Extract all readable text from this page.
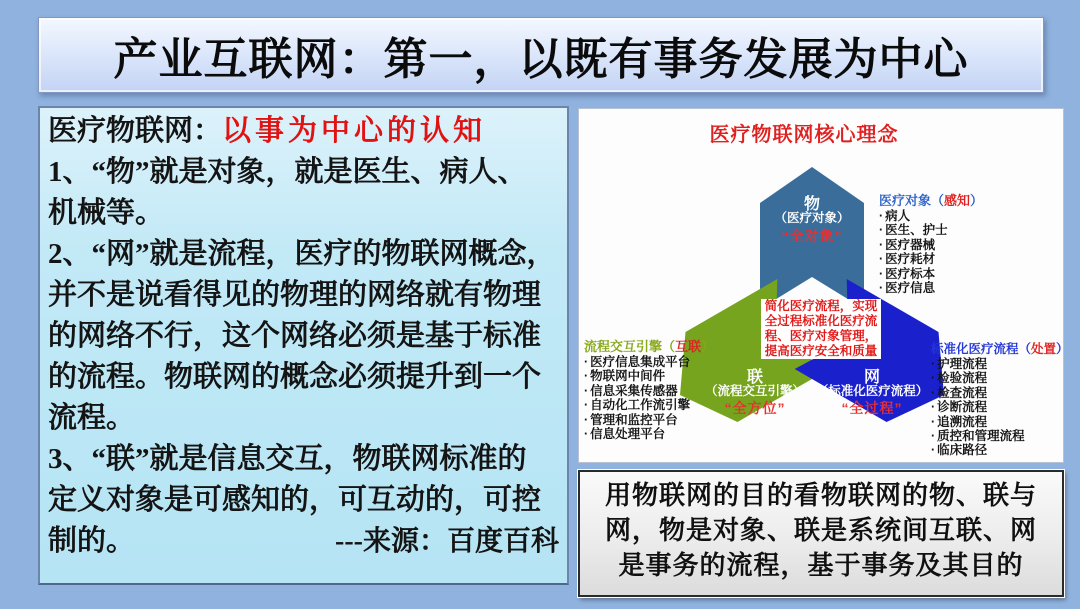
产业互联网：第一，以既有事务发展为中心
医疗物联网：以事为中心的认知
1、“物”就是对象，就是医生、病人、
机械等。
2、“网”就是流程，医疗的物联网概念，
并不是说看得见的物理的网络就有物理
的网络不行，这个网络必须是基于标准
的流程。物联网的概念必须提升到一个
流程。
3、“联”就是信息交互，物联网标准的
定义对象是可感知的，可互动的，可控
制的。	---来源：百度百科
医疗物联网核心理念
物
（医疗对象）
“全对象”
联
（流程交互引擎）
“全方位”
网
（标准化医疗流程）
“全过程”
简化医疗流程，实现
全过程标准化医疗流
程、医疗对象管理，
提高医疗安全和质量
医疗对象（感知）
· 病人
· 医生、护士
· 医疗器械
· 医疗耗材
· 医疗标本
· 医疗信息
流程交互引擎（互联）
· 医疗信息集成平台
· 物联网中间件
· 信息采集传感器
· 自动化工作流引擎
· 管理和监控平台
· 信息处理平台
标准化医疗流程（处置）
· 护理流程
· 检验流程
· 检查流程
· 诊断流程
· 追溯流程
· 质控和管理流程
· 临床路径
用物联网的目的看物联网的物、联与
网，物是对象、联是系统间互联、网
是事务的流程，基于事务及其目的
